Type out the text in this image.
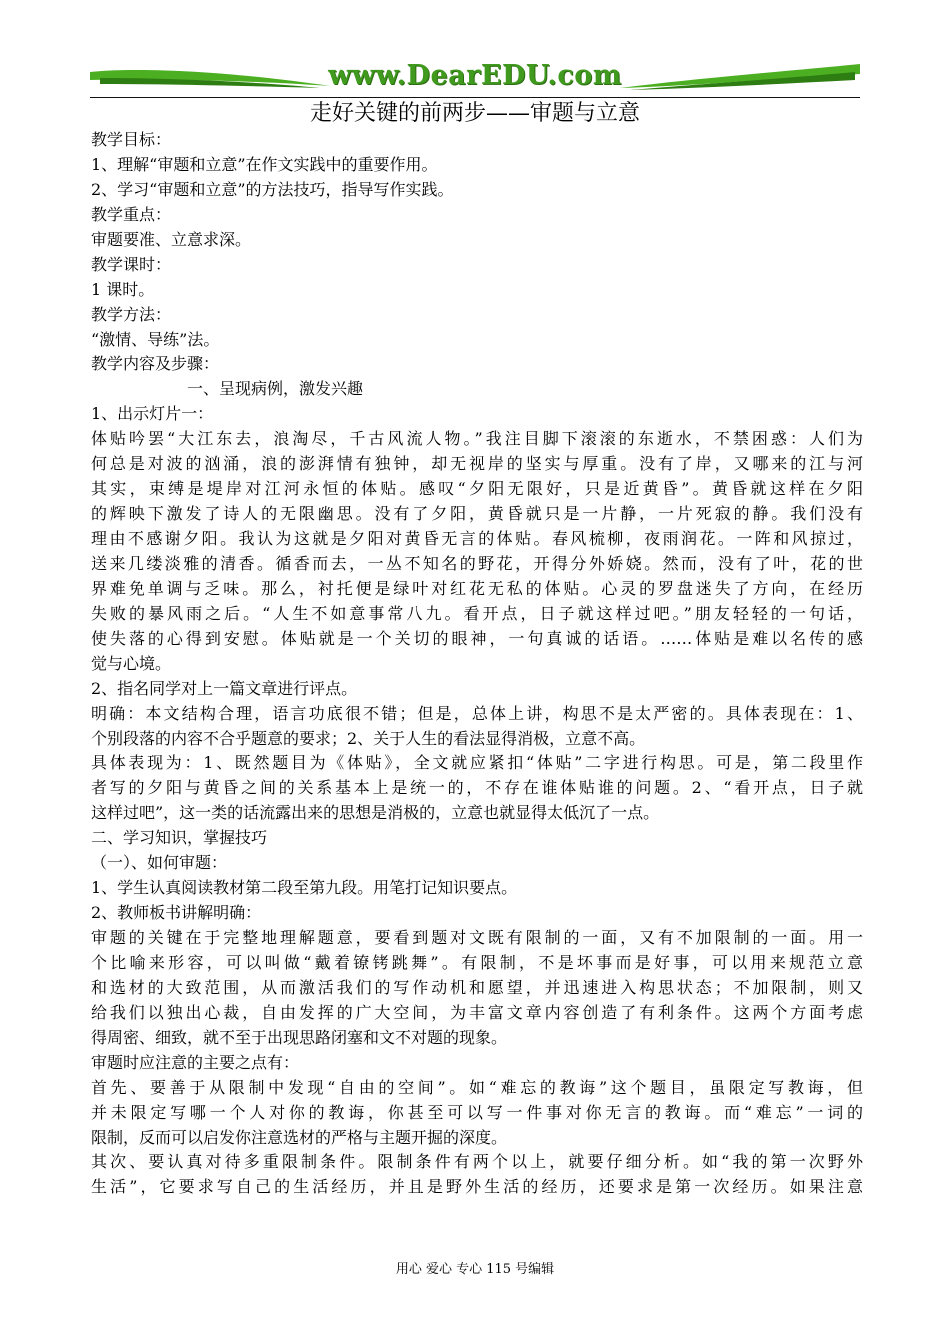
www.DearEDU.com
走好关键的前两步——审题与立意
教学目标：
1、理解“审题和立意”在作文实践中的重要作用。
2、学习“审题和立意”的方法技巧，指导写作实践。
教学重点：
审题要准、立意求深。
教学课时：
1 课时。
教学方法：
“激情、导练”法。
教学内容及步骤：
一、呈现病例，激发兴趣
1、出示灯片一：
体贴吟罢“大江东去，浪淘尽，千古风流人物。”我注目脚下滚滚的东逝水，不禁困惑：人们为
何总是对波的汹涌，浪的澎湃情有独钟，却无视岸的坚实与厚重。没有了岸，又哪来的江与河
其实，束缚是堤岸对江河永恒的体贴。感叹“夕阳无限好，只是近黄昏”。黄昏就这样在夕阳
的辉映下激发了诗人的无限幽思。没有了夕阳，黄昏就只是一片静，一片死寂的静。我们没有
理由不感谢夕阳。我认为这就是夕阳对黄昏无言的体贴。春风梳柳，夜雨润花。一阵和风掠过，
送来几缕淡雅的清香。循香而去，一丛不知名的野花，开得分外娇娆。然而，没有了叶，花的世
界难免单调与乏味。那么，衬托便是绿叶对红花无私的体贴。心灵的罗盘迷失了方向，在经历
失败的暴风雨之后。“人生不如意事常八九。看开点，日子就这样过吧。”朋友轻轻的一句话，
使失落的心得到安慰。体贴就是一个关切的眼神，一句真诚的话语。……体贴是难以名传的感
觉与心境。
2、指名同学对上一篇文章进行评点。
明确：本文结构合理，语言功底很不错；但是，总体上讲，构思不是太严密的。具体表现在：1、
个别段落的内容不合乎题意的要求；2、关于人生的看法显得消极，立意不高。
具体表现为：1、既然题目为《体贴》，全文就应紧扣“体贴”二字进行构思。可是，第二段里作
者写的夕阳与黄昏之间的关系基本上是统一的，不存在谁体贴谁的问题。2、“看开点，日子就
这样过吧”，这一类的话流露出来的思想是消极的，立意也就显得太低沉了一点。
二、学习知识，掌握技巧
（一）、如何审题：
1、学生认真阅读教材第二段至第九段。用笔打记知识要点。
2、教师板书讲解明确：
审题的关键在于完整地理解题意，要看到题对文既有限制的一面，又有不加限制的一面。用一
个比喻来形容，可以叫做“戴着镣铐跳舞”。有限制，不是坏事而是好事，可以用来规范立意
和选材的大致范围，从而激活我们的写作动机和愿望，并迅速进入构思状态；不加限制，则又
给我们以独出心裁，自由发挥的广大空间，为丰富文章内容创造了有利条件。这两个方面考虑
得周密、细致，就不至于出现思路闭塞和文不对题的现象。
审题时应注意的主要之点有：
首先、要善于从限制中发现“自由的空间”。如“难忘的教诲”这个题目，虽限定写教诲，但
并未限定写哪一个人对你的教诲，你甚至可以写一件事对你无言的教诲。而“难忘”一词的
限制，反而可以启发你注意选材的严格与主题开掘的深度。
其次、要认真对待多重限制条件。限制条件有两个以上，就要仔细分析。如“我的第一次野外
生活”，它要求写自己的生活经历，并且是野外生活的经历，还要求是第一次经历。如果注意
用心 爱心 专心 115 号编辑
